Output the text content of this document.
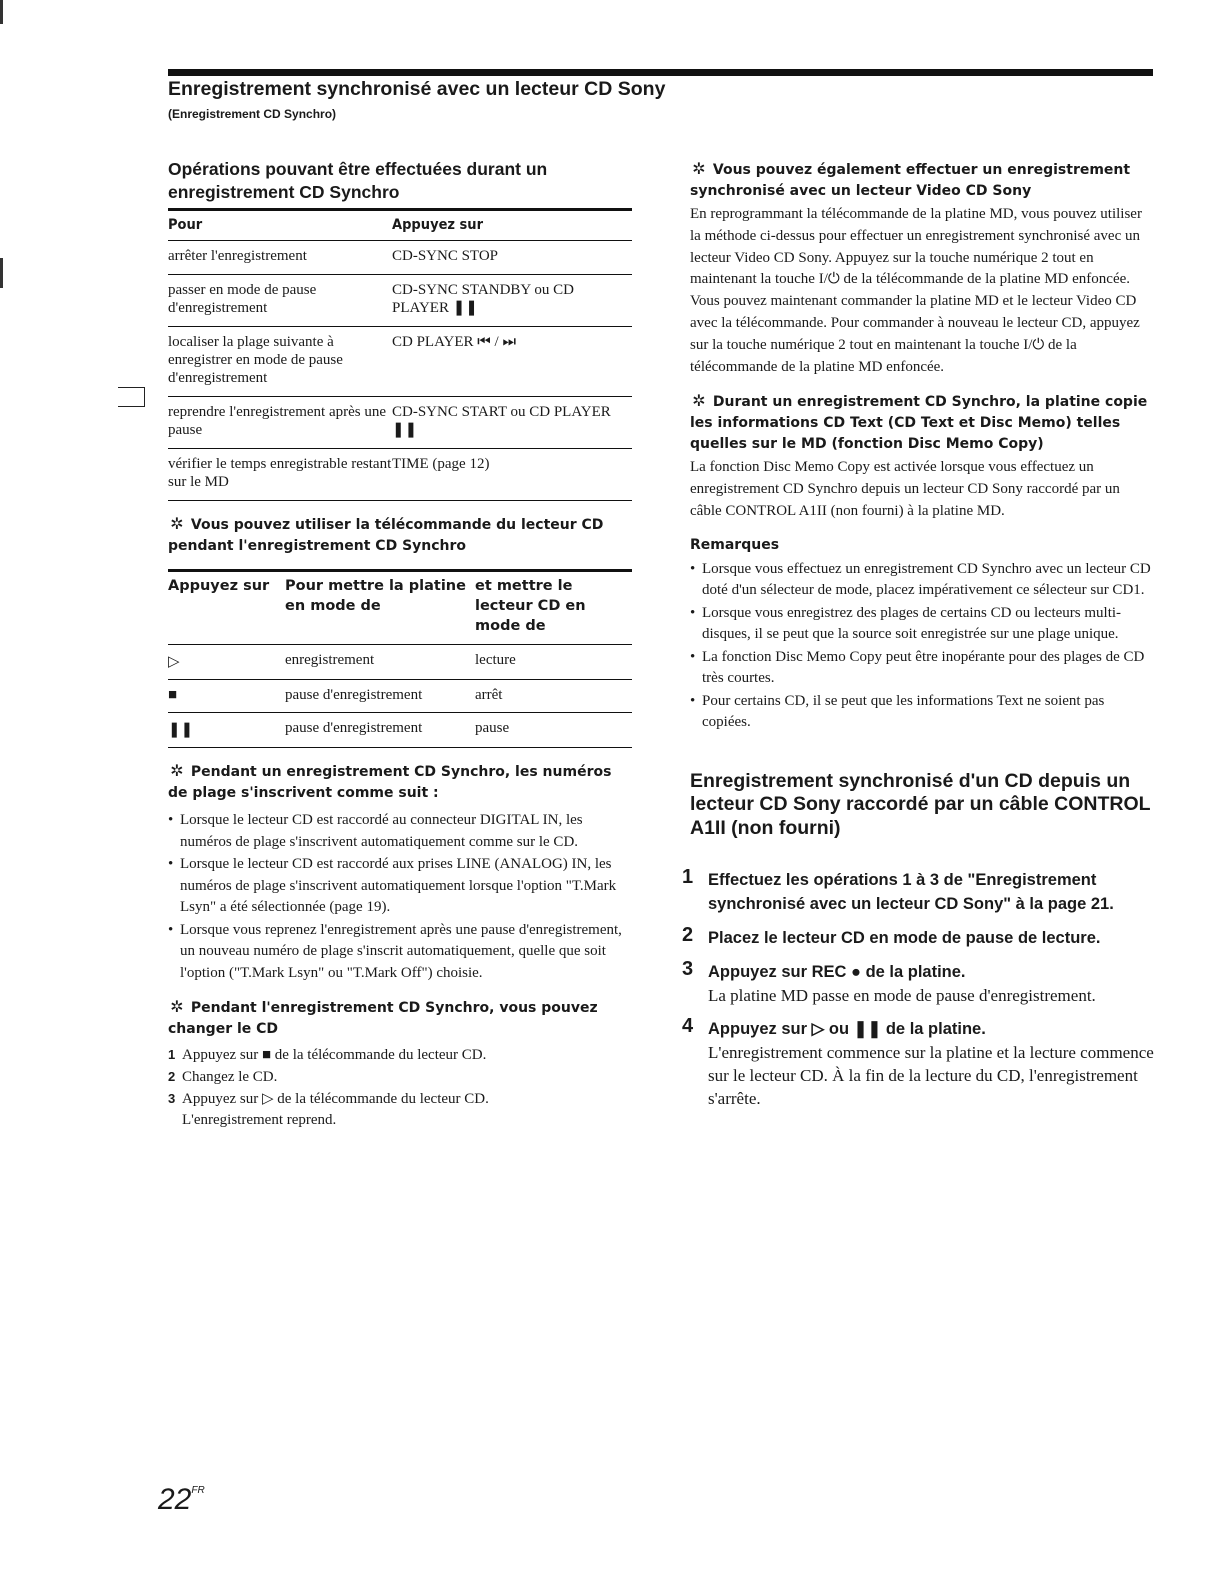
Enregistrement synchronisé avec un lecteur CD Sony (Enregistrement CD Synchro)
Opérations pouvant être effectuées durant un enregistrement CD Synchro
Pour	Appuyez sur
arrêter l'enregistrement	CD-SYNC STOP
passer en mode de pause d'enregistrement	CD-SYNC STANDBY ou CD PLAYER ❚❚
localiser la plage suivante à enregistrer en mode de pause d'enregistrement	CD PLAYER ⏮ / ⏭
reprendre l'enregistrement après une pause	CD-SYNC START ou CD PLAYER ❚❚
vérifier le temps enregistrable restant sur le MD	TIME (page 12)
✲ Vous pouvez utiliser la télécommande du lecteur CD pendant l'enregistrement CD Synchro
Appuyez sur	Pour mettre la platine en mode de	et mettre le lecteur CD en mode de
▷	enregistrement	lecture
■	pause d'enregistrement	arrêt
❚❚	pause d'enregistrement	pause
✲ Pendant un enregistrement CD Synchro, les numéros de plage s'inscrivent comme suit :
• Lorsque le lecteur CD est raccordé au connecteur DIGITAL IN, les numéros de plage s'inscrivent automatiquement comme sur le CD.
• Lorsque le lecteur CD est raccordé aux prises LINE (ANALOG) IN, les numéros de plage s'inscrivent automatiquement lorsque l'option "T.Mark Lsyn" a été sélectionnée (page 19).
• Lorsque vous reprenez l'enregistrement après une pause d'enregistrement, un nouveau numéro de plage s'inscrit automatiquement, quelle que soit l'option ("T.Mark Lsyn" ou "T.Mark Off") choisie.
✲ Pendant l'enregistrement CD Synchro, vous pouvez changer le CD
1 Appuyez sur ■ de la télécommande du lecteur CD.
2 Changez le CD.
3 Appuyez sur ▷ de la télécommande du lecteur CD.
L'enregistrement reprend.
✲ Vous pouvez également effectuer un enregistrement synchronisé avec un lecteur Video CD Sony

En reprogrammant la télécommande de la platine MD, vous pouvez utiliser la méthode ci-dessus pour effectuer un enregistrement synchronisé avec un lecteur Video CD Sony. Appuyez sur la touche numérique 2 tout en maintenant la touche I/⏻ de la télécommande de la platine MD enfoncée. Vous pouvez maintenant commander la platine MD et le lecteur Video CD avec la télécommande. Pour commander à nouveau le lecteur CD, appuyez sur la touche numérique 2 tout en maintenant la touche I/⏻ de la télécommande de la platine MD enfoncée.

✲ Durant un enregistrement CD Synchro, la platine copie les informations CD Text (CD Text et Disc Memo) telles quelles sur le MD (fonction Disc Memo Copy)

La fonction Disc Memo Copy est activée lorsque vous effectuez un enregistrement CD Synchro depuis un lecteur CD Sony raccordé par un câble CONTROL A1II (non fourni) à la platine MD.

Remarques
• Lorsque vous effectuez un enregistrement CD Synchro avec un lecteur CD doté d'un sélecteur de mode, placez impérativement ce sélecteur sur CD1.
• Lorsque vous enregistrez des plages de certains CD ou lecteurs multi-disques, il se peut que la source soit enregistrée sur une plage unique.
• La fonction Disc Memo Copy peut être inopérante pour des plages de CD très courtes.
• Pour certains CD, il se peut que les informations Text ne soient pas copiées.
Enregistrement synchronisé d'un CD depuis un lecteur CD Sony raccordé par un câble CONTROL A1II (non fourni)
1 Effectuez les opérations 1 à 3 de "Enregistrement synchronisé avec un lecteur CD Sony" à la page 21.
2 Placez le lecteur CD en mode de pause de lecture.
3 Appuyez sur REC ● de la platine.
La platine MD passe en mode de pause d'enregistrement.
4 Appuyez sur ▷ ou ❚❚ de la platine.
L'enregistrement commence sur la platine et la lecture commence sur le lecteur CD. À la fin de la lecture du CD, l'enregistrement s'arrête.
$22^{FR}$
